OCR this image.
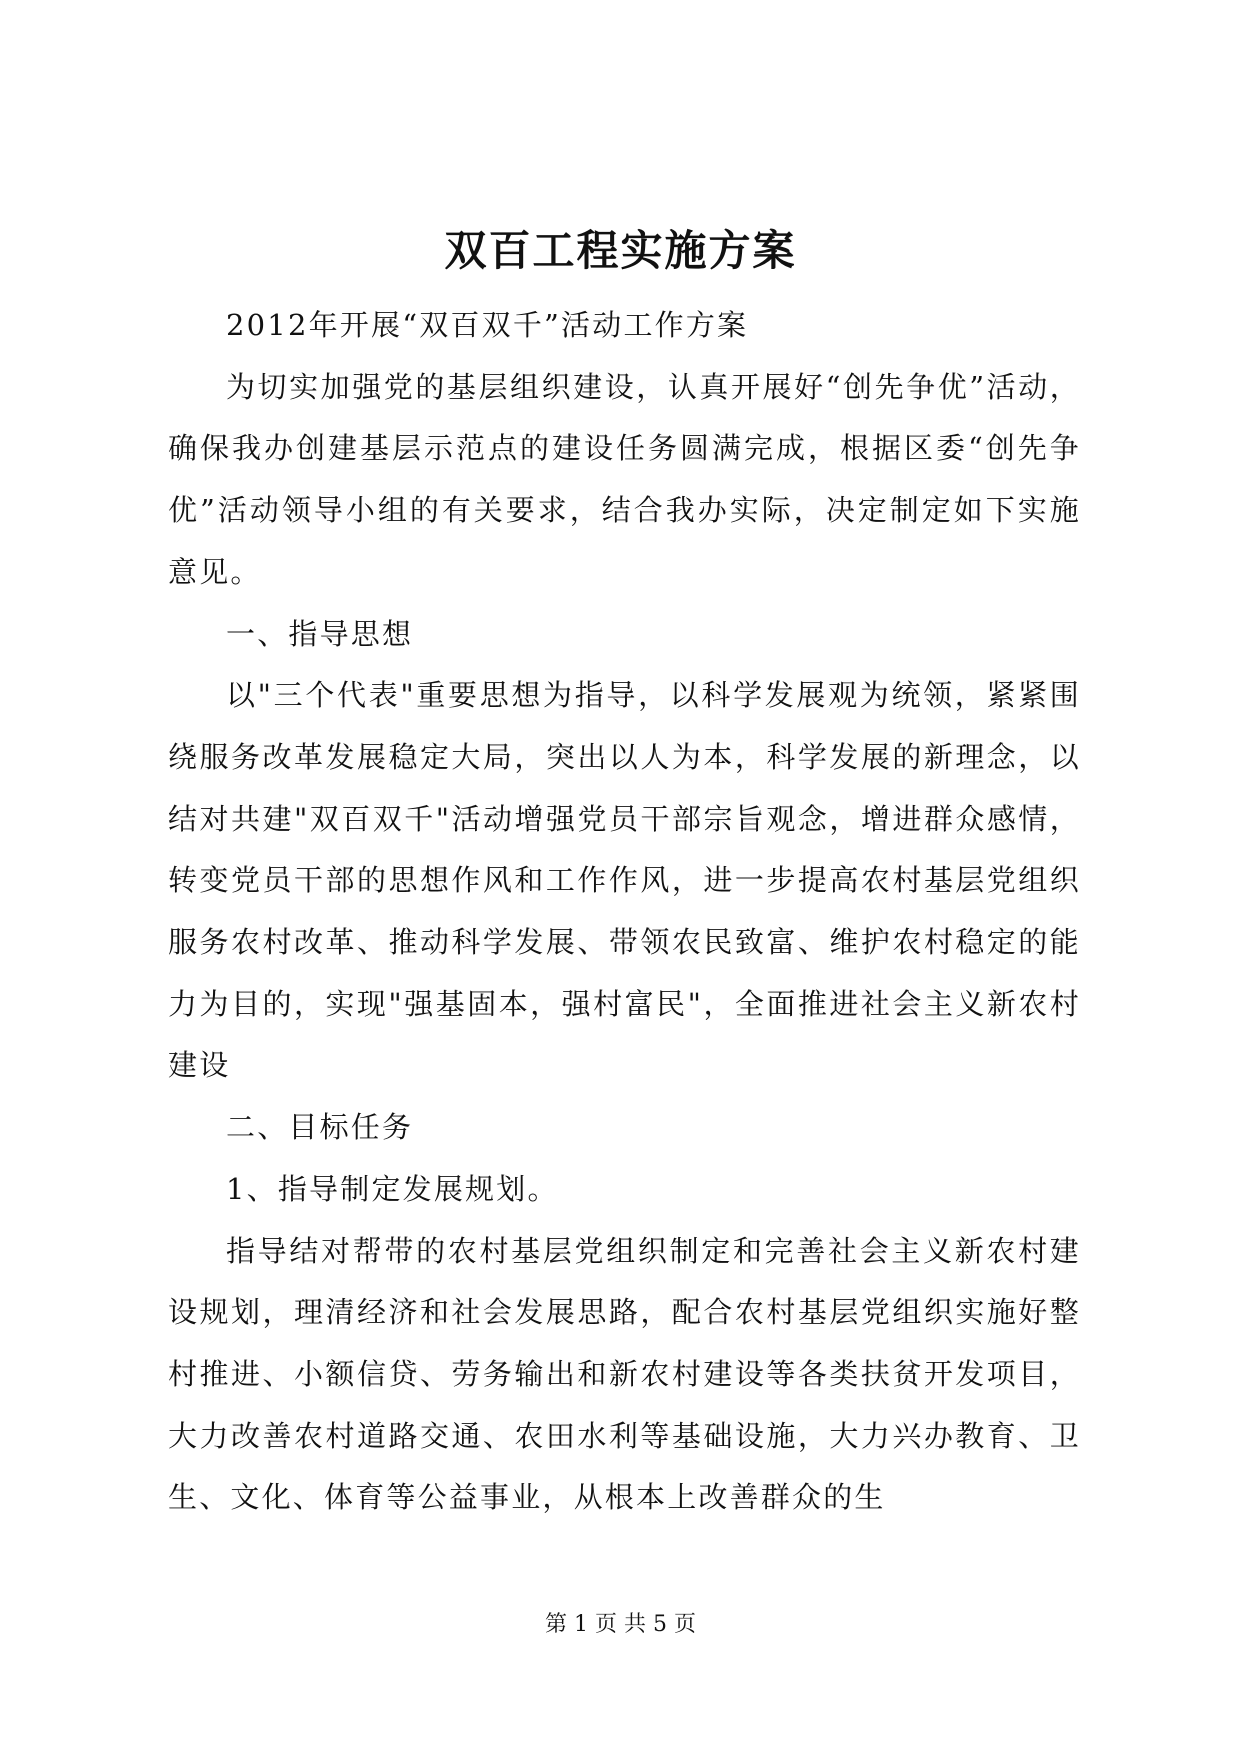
双百工程实施方案

2012年开展“双百双千”活动工作方案

为切实加强党的基层组织建设，认真开展好“创先争优”活动，确保我办创建基层示范点的建设任务圆满完成，根据区委“创先争优”活动领导小组的有关要求，结合我办实际，决定制定如下实施意见。

一、指导思想

以"三个代表"重要思想为指导，以科学发展观为统领，紧紧围绕服务改革发展稳定大局，突出以人为本，科学发展的新理念，以结对共建"双百双千"活动增强党员干部宗旨观念，增进群众感情，转变党员干部的思想作风和工作作风，进一步提高农村基层党组织服务农村改革、推动科学发展、带领农民致富、维护农村稳定的能力为目的，实现"强基固本，强村富民"，全面推进社会主义新农村建设

二、目标任务

1、指导制定发展规划。

指导结对帮带的农村基层党组织制定和完善社会主义新农村建设规划，理清经济和社会发展思路，配合农村基层党组织实施好整村推进、小额信贷、劳务输出和新农村建设等各类扶贫开发项目，大力改善农村道路交通、农田水利等基础设施，大力兴办教育、卫生、文化、体育等公益事业，从根本上改善群众的生

第 1 页 共 5 页
